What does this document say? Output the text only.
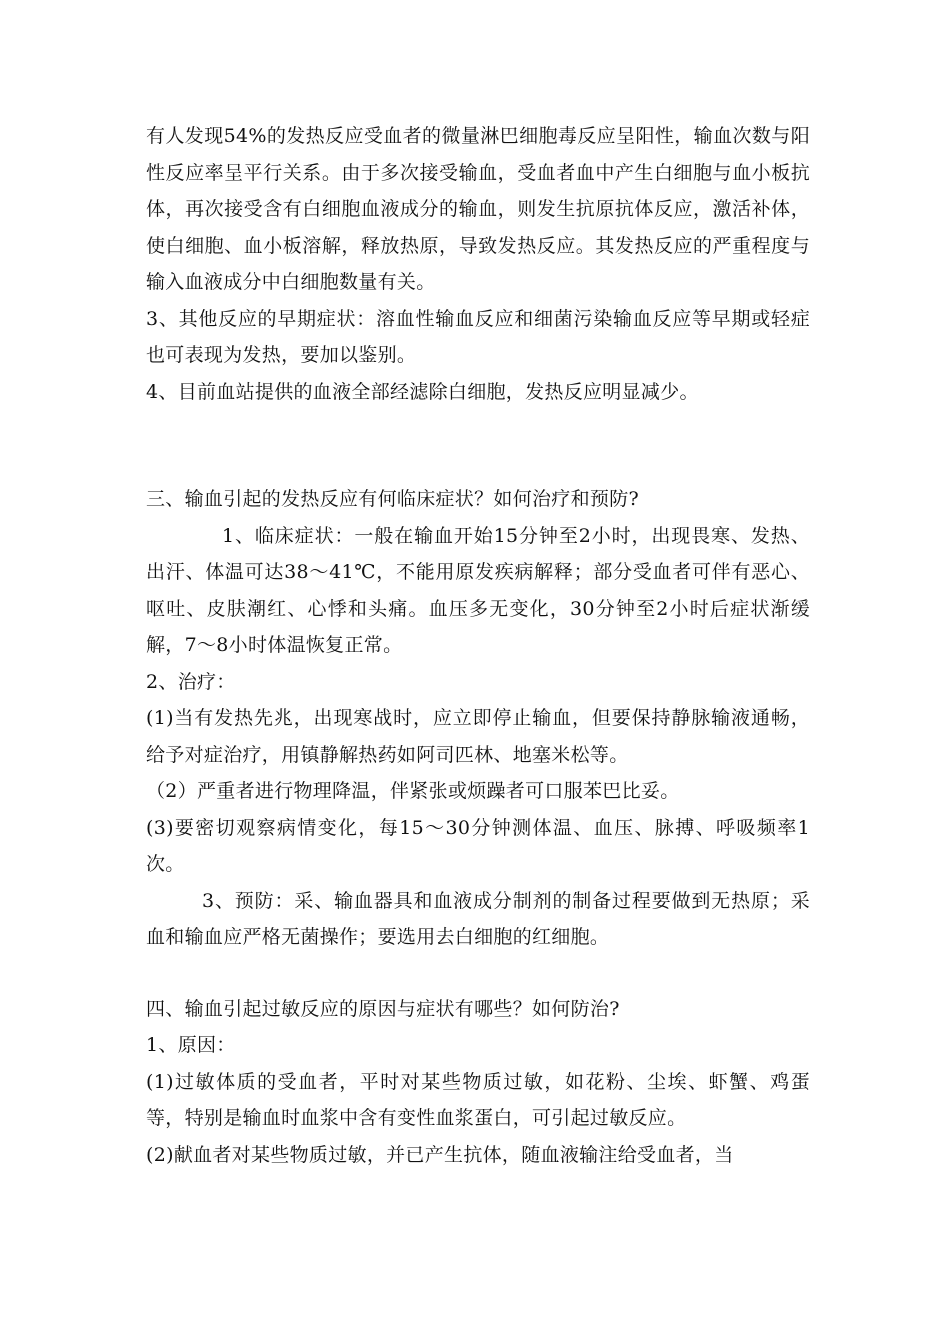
有人发现54%的发热反应受血者的微量淋巴细胞毒反应呈阳性，输血次数与阳性反应率呈平行关系。由于多次接受输血，受血者血中产生白细胞与血小板抗体，再次接受含有白细胞血液成分的输血，则发生抗原抗体反应，激活补体，使白细胞、血小板溶解，释放热原，导致发热反应。其发热反应的严重程度与输入血液成分中白细胞数量有关。

3、其他反应的早期症状：溶血性输血反应和细菌污染输血反应等早期或轻症也可表现为发热，要加以鉴别。

4、目前血站提供的血液全部经滤除白细胞，发热反应明显减少。

三、输血引起的发热反应有何临床症状？如何治疗和预防?

1、临床症状：一般在输血开始15分钟至2小时，出现畏寒、发热、出汗、体温可达38～41℃，不能用原发疾病解释；部分受血者可伴有恶心、呕吐、皮肤潮红、心悸和头痛。血压多无变化，30分钟至2小时后症状渐缓解，7～8小时体温恢复正常。

2、治疗：

(1)当有发热先兆，出现寒战时，应立即停止输血，但要保持静脉输液通畅，给予对症治疗，用镇静解热药如阿司匹林、地塞米松等。

（2）严重者进行物理降温，伴紧张或烦躁者可口服苯巴比妥。

(3)要密切观察病情变化，每15～30分钟测体温、血压、脉搏、呼吸频率1次。

3、预防：采、输血器具和血液成分制剂的制备过程要做到无热原；采血和输血应严格无菌操作；要选用去白细胞的红细胞。

四、输血引起过敏反应的原因与症状有哪些？如何防治?

1、原因：

(1)过敏体质的受血者，平时对某些物质过敏，如花粉、尘埃、虾蟹、鸡蛋等，特别是输血时血浆中含有变性血浆蛋白，可引起过敏反应。

(2)献血者对某些物质过敏，并已产生抗体，随血液输注给受血者，当
